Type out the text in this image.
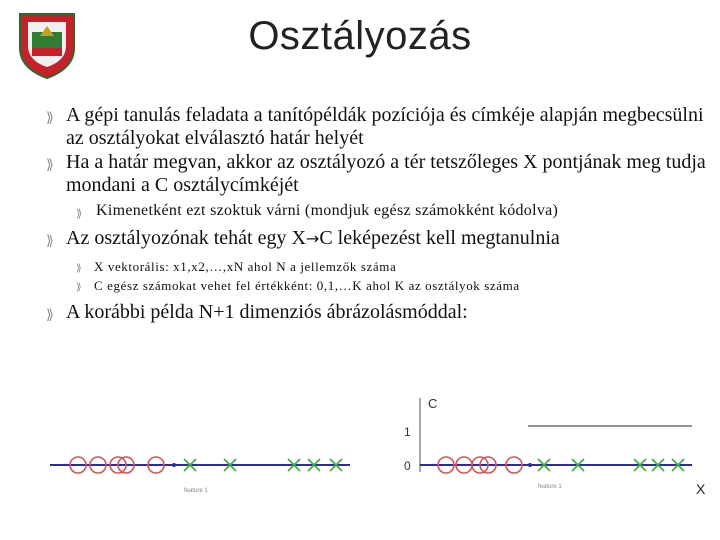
Osztályozás
⟫ A gépi tanulás feladata a tanítópéldák pozíciója és címkéje alapján megbecsülni az osztályokat elválasztó határ helyét
⟫ Ha a határ megvan, akkor az osztályozó a tér tetszőleges X pontjának meg tudja mondani a C osztálycímkéjét
⟫ Kimenetként ezt szoktuk várni (mondjuk egész számokként kódolva)
⟫ Az osztályozónak tehát egy X→C leképezést kell megtanulnia
⟫ X vektorális: x1,x2,…,xN ahol N a jellemzők száma
⟫ C egész számokat vehet fel értékként: 0,1,…K ahol K az osztályok száma
⟫ A korábbi példa N+1 dimenziós ábrázolásmóddal:
feature 1
C
1
0
feature 1	X
